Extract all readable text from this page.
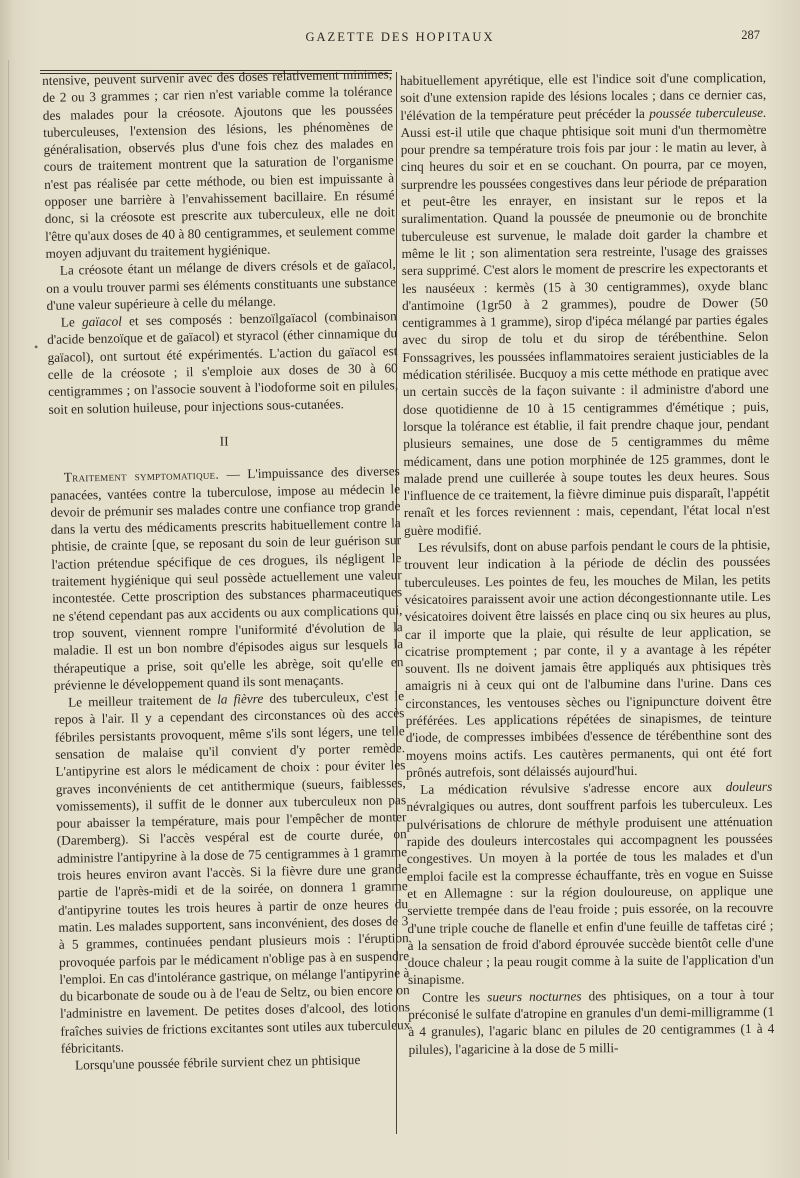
•
GAZETTE DES HOPITAUX	287

ntensive, peuvent survenir avec des doses relativement minimes, de 2 ou 3 grammes ; car rien n'est variable comme la tolérance des malades pour la créosote. Ajoutons que les poussées tuberculeuses, l'extension des lésions, les phénomènes de généralisation, observés plus d'une fois chez des malades en cours de traitement montrent que la saturation de l'organisme n'est pas réalisée par cette méthode, ou bien est impuissante à opposer une barrière à l'envahissement bacillaire. En résumé donc, si la créosote est prescrite aux tuberculeux, elle ne doit l'être qu'aux doses de 40 à 80 centigrammes, et seulement comme moyen adjuvant du traitement hygiénique.

La créosote étant un mélange de divers crésols et de gaïacol, on a voulu trouver parmi ses éléments constituants une substance d'une valeur supérieure à celle du mélange.

Le gaïacol et ses composés : benzoïlgaïacol (combinaison d'acide benzoïque et de gaïacol) et styracol (éther cinnamique du gaïacol), ont surtout été expérimentés. L'action du gaïacol est celle de la créosote ; il s'emploie aux doses de 30 à 60 centigrammes ; on l'associe souvent à l'iodoforme soit en pilules, soit en solution huileuse, pour injections sous-cutanées.

II

Traitement symptomatique. — L'impuissance des diverses panacées, vantées contre la tuberculose, impose au médecin le devoir de prémunir ses malades contre une confiance trop grande dans la vertu des médicaments prescrits habituellement contre la phtisie, de crainte [que, se reposant du soin de leur guérison sur l'action prétendue spécifique de ces drogues, ils négligent le traitement hygiénique qui seul possède actuellement une valeur incontestée. Cette proscription des substances pharmaceutiques ne s'étend cependant pas aux accidents ou aux complications qui, trop souvent, viennent rompre l'uniformité d'évolution de la maladie. Il est un bon nombre d'épisodes aigus sur lesquels la thérapeutique a prise, soit qu'elle les abrège, soit qu'elle en prévienne le développement quand ils sont menaçants.

Le meilleur traitement de la fièvre des tuberculeux, c'est le repos à l'air. Il y a cependant des circonstances où des accès fébriles persistants provoquent, même s'ils sont légers, une telle sensation de malaise qu'il convient d'y porter remède. L'antipyrine est alors le médicament de choix : pour éviter les graves inconvénients de cet antithermique (sueurs, faiblesses, vomissements), il suffit de le donner aux tuberculeux non pas pour abaisser la température, mais pour l'empêcher de monter (Daremberg). Si l'accès vespéral est de courte durée, on administre l'antipyrine à la dose de 75 centigrammes à 1 gramme trois heures environ avant l'accès. Si la fièvre dure une grande partie de l'après-midi et de la soirée, on donnera 1 gramme d'antipyrine toutes les trois heures à partir de onze heures du matin. Les malades supportent, sans inconvénient, des doses de 3 à 5 grammes, continuées pendant plusieurs mois : l'éruption provoquée parfois par le médicament n'oblige pas à en suspendre l'emploi. En cas d'intolérance gastrique, on mélange l'antipyrine à du bicarbonate de soude ou à de l'eau de Seltz, ou bien encore on l'administre en lavement. De petites doses d'alcool, des lotions fraîches suivies de frictions excitantes sont utiles aux tuberculeux fébricitants.

Lorsqu'une poussée fébrile survient chez un phtisique

habituellement apyrétique, elle est l'indice soit d'une complication, soit d'une extension rapide des lésions locales ; dans ce dernier cas, l'élévation de la température peut précéder la poussée tuberculeuse. Aussi est-il utile que chaque phtisique soit muni d'un thermomètre pour prendre sa température trois fois par jour : le matin au lever, à cinq heures du soir et en se couchant. On pourra, par ce moyen, surprendre les poussées congestives dans leur période de préparation et peut-être les enrayer, en insistant sur le repos et la suralimentation. Quand la poussée de pneumonie ou de bronchite tuberculeuse est survenue, le malade doit garder la chambre et même le lit ; son alimentation sera restreinte, l'usage des graisses sera supprimé. C'est alors le moment de prescrire les expectorants et les nauséeux : kermès (15 à 30 centigrammes), oxyde blanc d'antimoine (1gr50 à 2 grammes), poudre de Dower (50 centigrammes à 1 gramme), sirop d'ipéca mélangé par parties égales avec du sirop de tolu et du sirop de térébenthine. Selon Fonssagrives, les poussées inflammatoires seraient justiciables de la médication stérilisée. Bucquoy a mis cette méthode en pratique avec un certain succès de la façon suivante : il administre d'abord une dose quotidienne de 10 à 15 centigrammes d'émétique ; puis, lorsque la tolérance est établie, il fait prendre chaque jour, pendant plusieurs semaines, une dose de 5 centigrammes du même médicament, dans une potion morphinée de 125 grammes, dont le malade prend une cuillerée à soupe toutes les deux heures. Sous l'influence de ce traitement, la fièvre diminue puis disparaît, l'appétit renaît et les forces reviennent : mais, cependant, l'état local n'est guère modifié.

Les révulsifs, dont on abuse parfois pendant le cours de la phtisie, trouvent leur indication à la période de déclin des poussées tuberculeuses. Les pointes de feu, les mouches de Milan, les petits vésicatoires paraissent avoir une action décongestionnante utile. Les vésicatoires doivent être laissés en place cinq ou six heures au plus, car il importe que la plaie, qui résulte de leur application, se cicatrise promptement ; par conte, il y a avantage à les répéter souvent. Ils ne doivent jamais être appliqués aux phtisiques très amaigris ni à ceux qui ont de l'albumine dans l'urine. Dans ces circonstances, les ventouses sèches ou l'ignipuncture doivent être préférées. Les applications répétées de sinapismes, de teinture d'iode, de compresses imbibées d'essence de térébenthine sont des moyens moins actifs. Les cautères permanents, qui ont été fort prônés autrefois, sont délaissés aujourd'hui.

La médication révulsive s'adresse encore aux douleurs névralgiques ou autres, dont souffrent parfois les tuberculeux. Les pulvérisations de chlorure de méthyle produisent une atténuation rapide des douleurs intercostales qui accompagnent les poussées congestives. Un moyen à la portée de tous les malades et d'un emploi facile est la compresse échauffante, très en vogue en Suisse et en Allemagne : sur la région douloureuse, on applique une serviette trempée dans de l'eau froide ; puis essorée, on la recouvre d'une triple couche de flanelle et enfin d'une feuille de taffetas ciré ; à la sensation de froid d'abord éprouvée succède bientôt celle d'une douce chaleur ; la peau rougit comme à la suite de l'application d'un sinapisme.

Contre les sueurs nocturnes des phtisiques, on a tour à tour préconisé le sulfate d'atropine en granules d'un demi-milligramme (1 à 4 granules), l'agaric blanc en pilules de 20 centigrammes (1 à 4 pilules), l'agaricine à la dose de 5 milli-
